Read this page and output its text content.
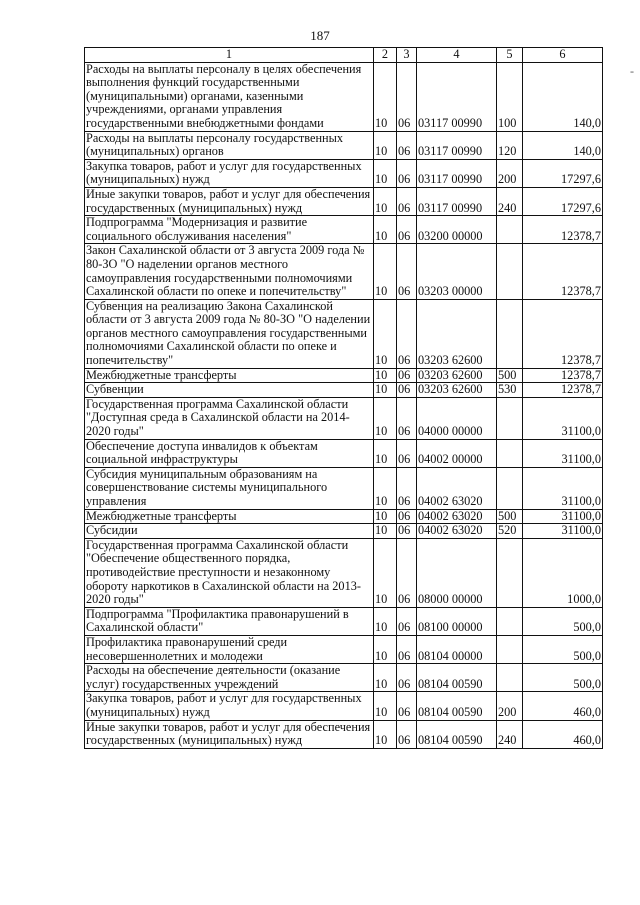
187
-
1	2	3	4	5	6
Расходы на выплаты персоналу в целях обеспечения выполнения функций государственными (муниципальными) органами, казенными учреждениями, органами управления государственными внебюджетными фондами	10	06	03117 00990	100	140,0
Расходы на выплаты персоналу государственных (муниципальных) органов	10	06	03117 00990	120	140,0
Закупка товаров, работ и услуг для государственных (муниципальных) нужд	10	06	03117 00990	200	17297,6
Иные закупки товаров, работ и услуг для обеспечения государственных (муниципальных) нужд	10	06	03117 00990	240	17297,6
Подпрограмма "Модернизация и развитие социального обслуживания населения"	10	06	03200 00000		12378,7
Закон Сахалинской области от 3 августа 2009 года № 80-ЗО "О наделении органов местного самоуправления государственными полномочиями Сахалинской области по опеке и попечительству"	10	06	03203 00000		12378,7
Субвенция на реализацию Закона Сахалинской области от 3 августа 2009 года № 80-ЗО "О наделении органов местного самоуправления государственными полномочиями Сахалинской области по опеке и попечительству"	10	06	03203 62600		12378,7
Межбюджетные трансферты	10	06	03203 62600	500	12378,7
Субвенции	10	06	03203 62600	530	12378,7
Государственная программа Сахалинской области "Доступная среда в Сахалинской области на 2014-2020 годы"	10	06	04000 00000		31100,0
Обеспечение доступа инвалидов к объектам социальной инфраструктуры	10	06	04002 00000		31100,0
Субсидия муниципальным образованиям на совершенствование системы муниципального управления	10	06	04002 63020		31100,0
Межбюджетные трансферты	10	06	04002 63020	500	31100,0
Субсидии	10	06	04002 63020	520	31100,0
Государственная программа Сахалинской области "Обеспечение общественного порядка, противодействие преступности и незаконному обороту наркотиков в Сахалинской области на 2013-2020 годы"	10	06	08000 00000		1000,0
Подпрограмма "Профилактика правонарушений в Сахалинской области"	10	06	08100 00000		500,0
Профилактика правонарушений среди несовершеннолетних и молодежи	10	06	08104 00000		500,0
Расходы на обеспечение деятельности (оказание услуг) государственных учреждений	10	06	08104 00590		500,0
Закупка товаров, работ и услуг для государственных (муниципальных) нужд	10	06	08104 00590	200	460,0
Иные закупки товаров, работ и услуг для обеспечения государственных (муниципальных) нужд	10	06	08104 00590	240	460,0
